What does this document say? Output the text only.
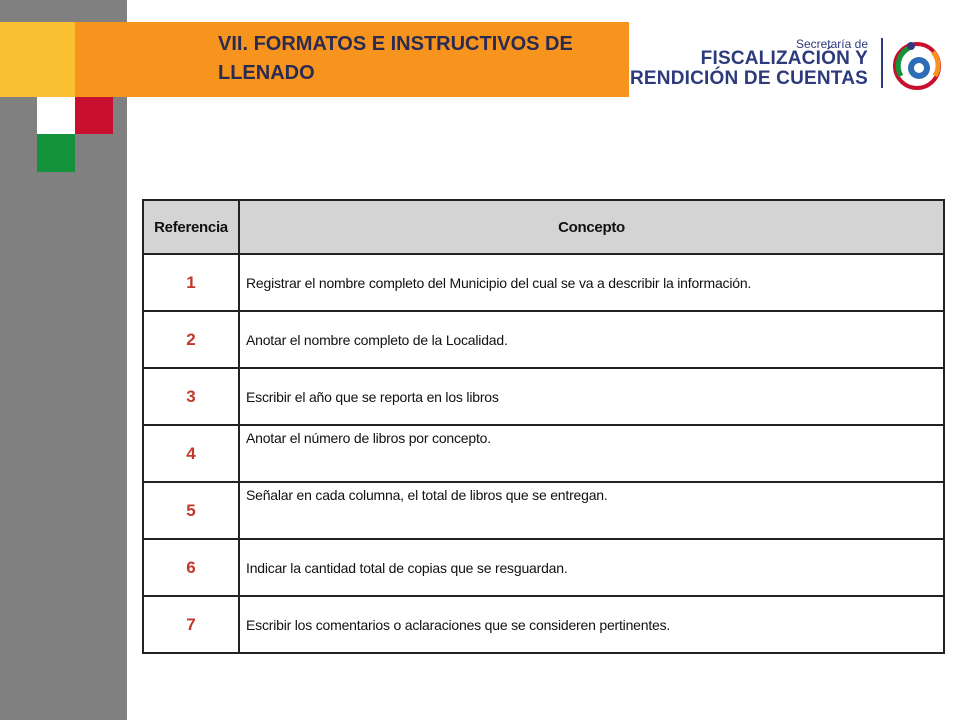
VII. FORMATOS E INSTRUCTIVOS DE LLENADO
Secretaría de
FISCALIZACIÓN Y
RENDICIÓN DE CUENTAS
Referencia	Concepto
1	Registrar el nombre completo del Municipio del cual se va a describir la información.
2	Anotar el nombre completo de la Localidad.
3	Escribir el año que se reporta en los libros
4	Anotar el número de libros por concepto.
5	Señalar en cada columna, el total de libros que se entregan.
6	Indicar la cantidad total de copias que se resguardan.
7	Escribir los comentarios o aclaraciones que se consideren pertinentes.
